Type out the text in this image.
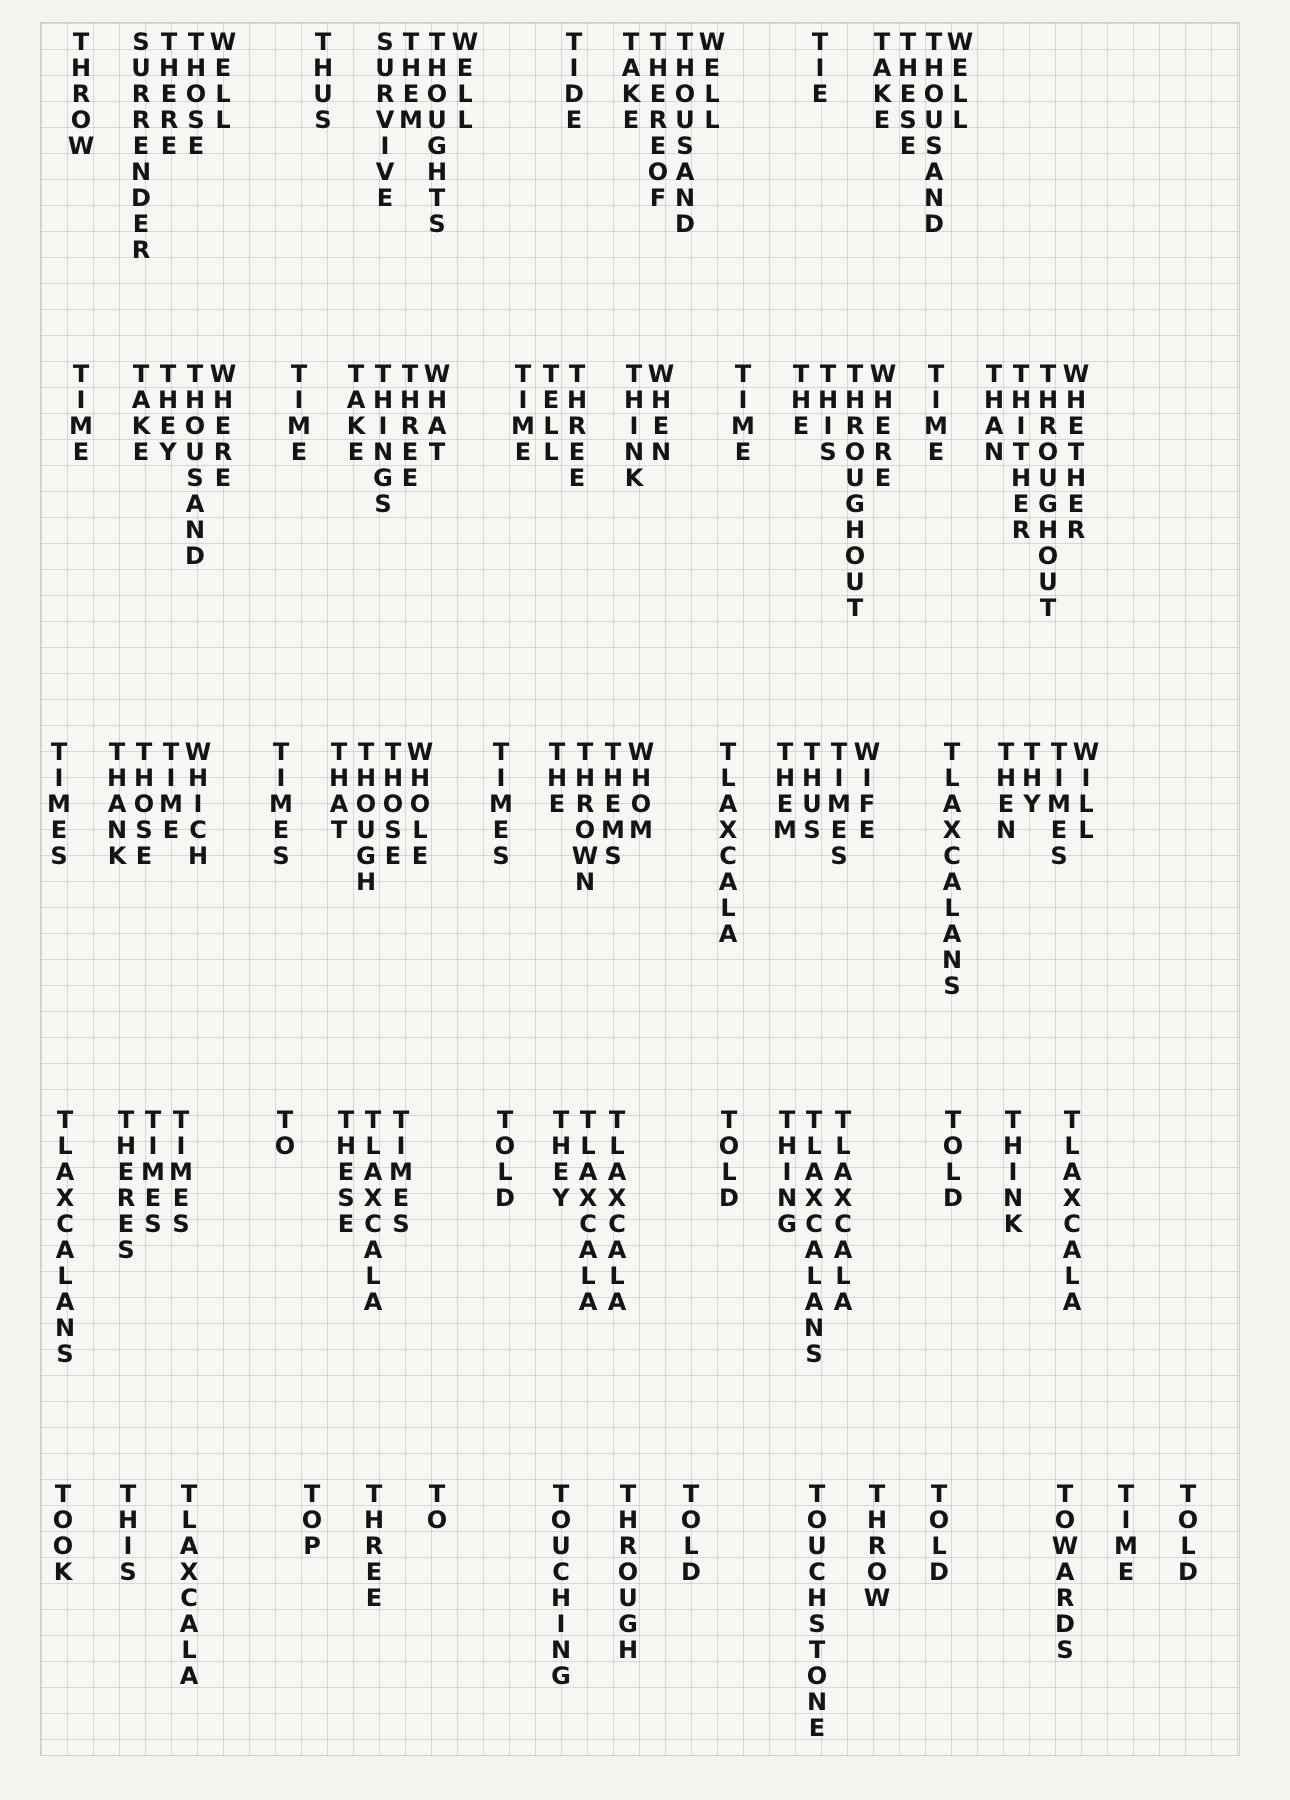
T
H
R
O
W
S
U
R
R
E
N
D
E
R
T
H
E
R
E
T
H
O
S
E
W
E
L
L
T
H
U
S
S
U
R
V
I
V
E
T
H
E
M
T
H
O
U
G
H
T
S
W
E
L
L
T
I
D
E
T
A
K
E
T
H
E
R
E
O
F
T
H
O
U
S
A
N
D
W
E
L
L
T
I
E
T
A
K
E
T
H
E
S
E
T
H
O
U
S
A
N
D
W
E
L
L
T
I
M
E
T
A
K
E
T
H
E
Y
T
H
O
U
S
A
N
D
W
H
E
R
E
T
I
M
E
T
A
K
E
T
H
I
N
G
S
T
H
R
E
E
W
H
A
T
T
I
M
E
T
E
L
L
T
H
R
E
E
T
H
I
N
K
W
H
E
N
T
I
M
E
T
H
E
T
H
I
S
T
H
R
O
U
G
H
O
U
T
W
H
E
R
E
T
I
M
E
T
H
A
N
T
H
I
T
H
E
R
T
H
R
O
U
G
H
O
U
T
W
H
E
T
H
E
R
T
I
M
E
S
T
H
A
N
K
T
H
O
S
E
T
I
M
E
W
H
I
C
H
T
I
M
E
S
T
H
A
T
T
H
O
U
G
H
T
H
O
S
E
W
H
O
L
E
T
I
M
E
S
T
H
E
T
H
R
O
W
N
T
H
E
M
S
W
H
O
M
T
L
A
X
C
A
L
A
T
H
E
M
T
H
U
S
T
I
M
E
S
W
I
F
E
T
L
A
X
C
A
L
A
N
S
T
H
E
N
T
H
Y
T
I
M
E
S
W
I
L
L
T
L
A
X
C
A
L
A
N
S
T
H
E
R
E
S
T
I
M
E
S
T
I
M
E
S
T
O
T
H
E
S
E
T
L
A
X
C
A
L
A
T
I
M
E
S
T
O
L
D
T
H
E
Y
T
L
A
X
C
A
L
A
T
L
A
X
C
A
L
A
T
O
L
D
T
H
I
N
G
T
L
A
X
C
A
L
A
N
S
T
L
A
X
C
A
L
A
T
O
L
D
T
H
I
N
K
T
L
A
X
C
A
L
A
T
O
O
K
T
H
I
S
T
L
A
X
C
A
L
A
T
O
P
T
H
R
E
E
T
O
T
O
U
C
H
I
N
G
T
H
R
O
U
G
H
T
O
L
D
T
O
U
C
H
S
T
O
N
E
T
H
R
O
W
T
O
L
D
T
O
W
A
R
D
S
T
I
M
E
T
O
L
D
